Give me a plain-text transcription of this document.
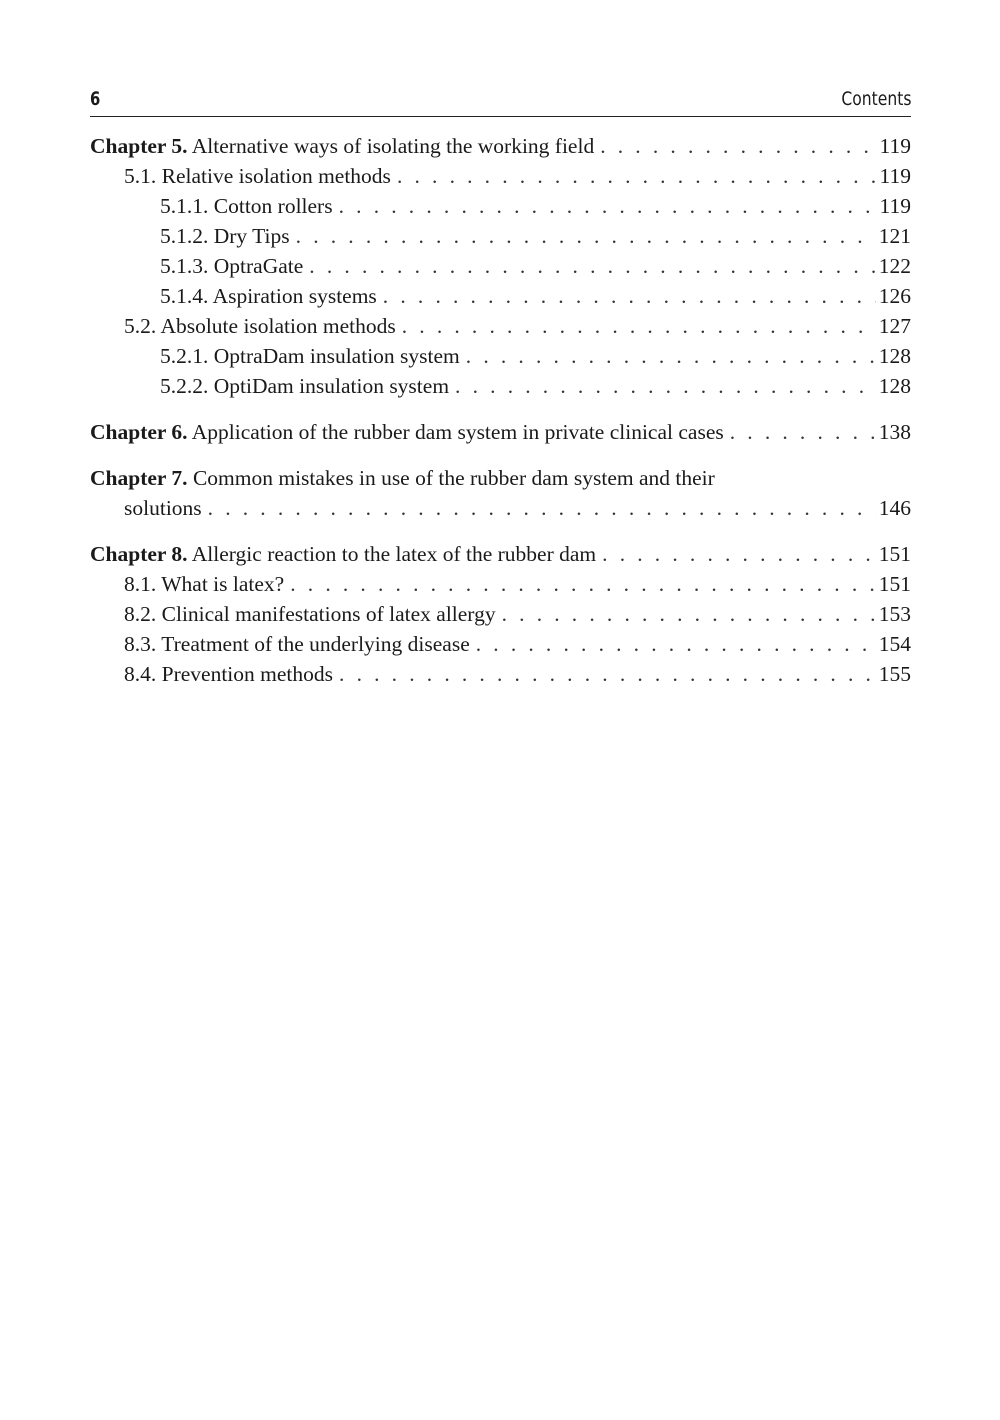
6	Contents
Chapter 5. Alternative ways of isolating the working field . . .	119
5.1. Relative isolation methods . . .	119
5.1.1. Cotton rollers . . .	119
5.1.2. Dry Tips . . .	121
5.1.3. OptraGate . . .	122
5.1.4. Aspiration systems . . .	126
5.2. Absolute isolation methods . . .	127
5.2.1. OptraDam insulation system . . .	128
5.2.2. OptiDam insulation system . . .	128
Chapter 6. Application of the rubber dam system in private clinical cases . . .	138
Chapter 7. Common mistakes in use of the rubber dam system and their
solutions . . .	146
Chapter 8. Allergic reaction to the latex of the rubber dam . . .	151
8.1. What is latex? . . .	151
8.2. Clinical manifestations of latex allergy . . .	153
8.3. Treatment of the underlying disease . . .	154
8.4. Prevention methods . . .	155
